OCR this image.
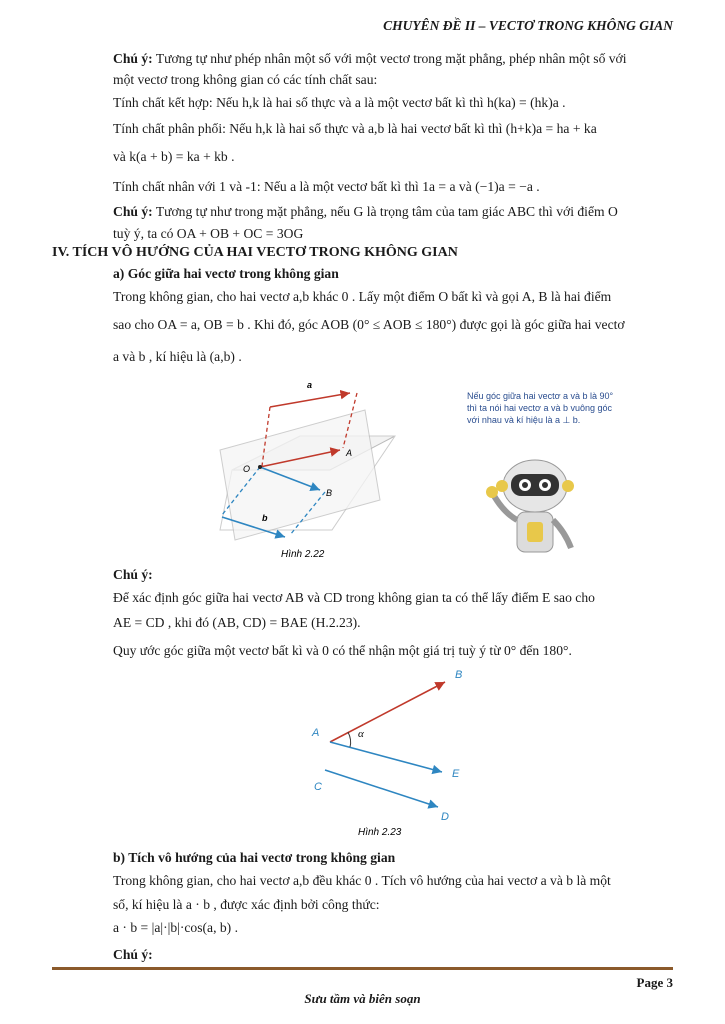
CHUYÊN ĐỀ II – VECTƠ TRONG KHÔNG GIAN
Chú ý: Tương tự như phép nhân một số với một vectơ trong mặt phẳng, phép nhân một số với
một vectơ trong không gian có các tính chất sau:
Tính chất kết hợp: Nếu h,k là hai số thực và a là một vectơ bất kì thì h(ka) = (hk)a .
Tính chất phân phối: Nếu h,k là hai số thực và a,b là hai vectơ bất kì thì (h+k)a = ha + ka
và k(a + b) = ka + kb .
Tính chất nhân với 1 và -1: Nếu a là một vectơ bất kì thì 1a = a và (−1)a = −a .
Chú ý: Tương tự như trong mặt phẳng, nếu G là trọng tâm của tam giác ABC thì với điểm O
tuỳ ý, ta có OA + OB + OC = 3OG
IV. TÍCH VÔ HƯỚNG CỦA HAI VECTƠ TRONG KHÔNG GIAN
a) Góc giữa hai vectơ trong không gian
Trong không gian, cho hai vectơ a,b khác 0 . Lấy một điểm O bất kì và gọi A, B là hai điểm
sao cho OA = a, OB = b . Khi đó, góc AOB (0° ≤ AOB ≤ 180°) được gọi là góc giữa hai vectơ
a và b , kí hiệu là (a,b) .
a
A
O
B
b
Hình 2.22
Nếu góc giữa hai vectơ a và b là 90° thì ta nói hai vectơ a và b vuông góc với nhau và kí hiệu là a ⊥ b.
Chú ý:
Để xác định góc giữa hai vectơ AB và CD trong không gian ta có thể lấy điểm E sao cho
AE = CD , khi đó (AB, CD) = BAE (H.2.23).
Quy ước góc giữa một vectơ bất kì và 0 có thể nhận một giá trị tuỳ ý từ 0° đến 180°.
A
B
α
E
C
D
Hình 2.23
b) Tích vô hướng của hai vectơ trong không gian
Trong không gian, cho hai vectơ a,b đều khác 0 . Tích vô hướng của hai vectơ a và b là một
số, kí hiệu là a · b , được xác định bởi công thức:
a · b = |a|·|b|·cos(a, b) .
Chú ý:
Page 3
Sưu tầm và biên soạn
